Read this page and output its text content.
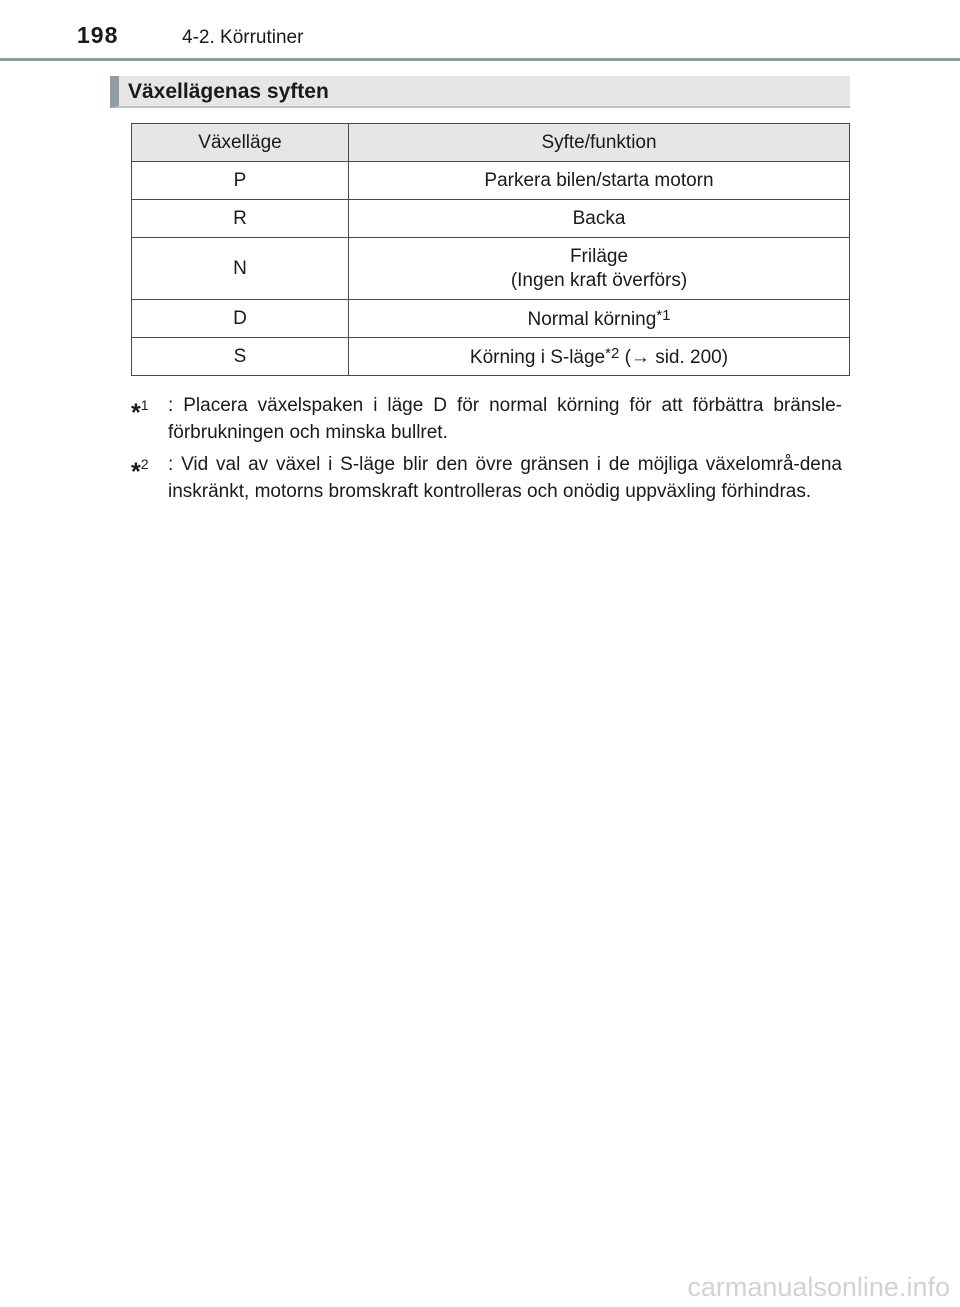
198	4-2. Körrutiner
Växellägenas syften
Växelläge	Syfte/funktion
P	Parkera bilen/starta motorn
R	Backa
N	Friläge
(Ingen kraft överförs)
D	Normal körning$^{*1}$
S	Körning i S-läge$^{*2}$ (→ sid. 200)
*$^1$	: Placera växelspaken i läge D för normal körning för att förbättra bränsle-förbrukningen och minska bullret.
*$^2$	: Vid val av växel i S-läge blir den övre gränsen i de möjliga växelområ-dena inskränkt, motorns bromskraft kontrolleras och onödig uppväxling förhindras.
carmanualsonline.info
